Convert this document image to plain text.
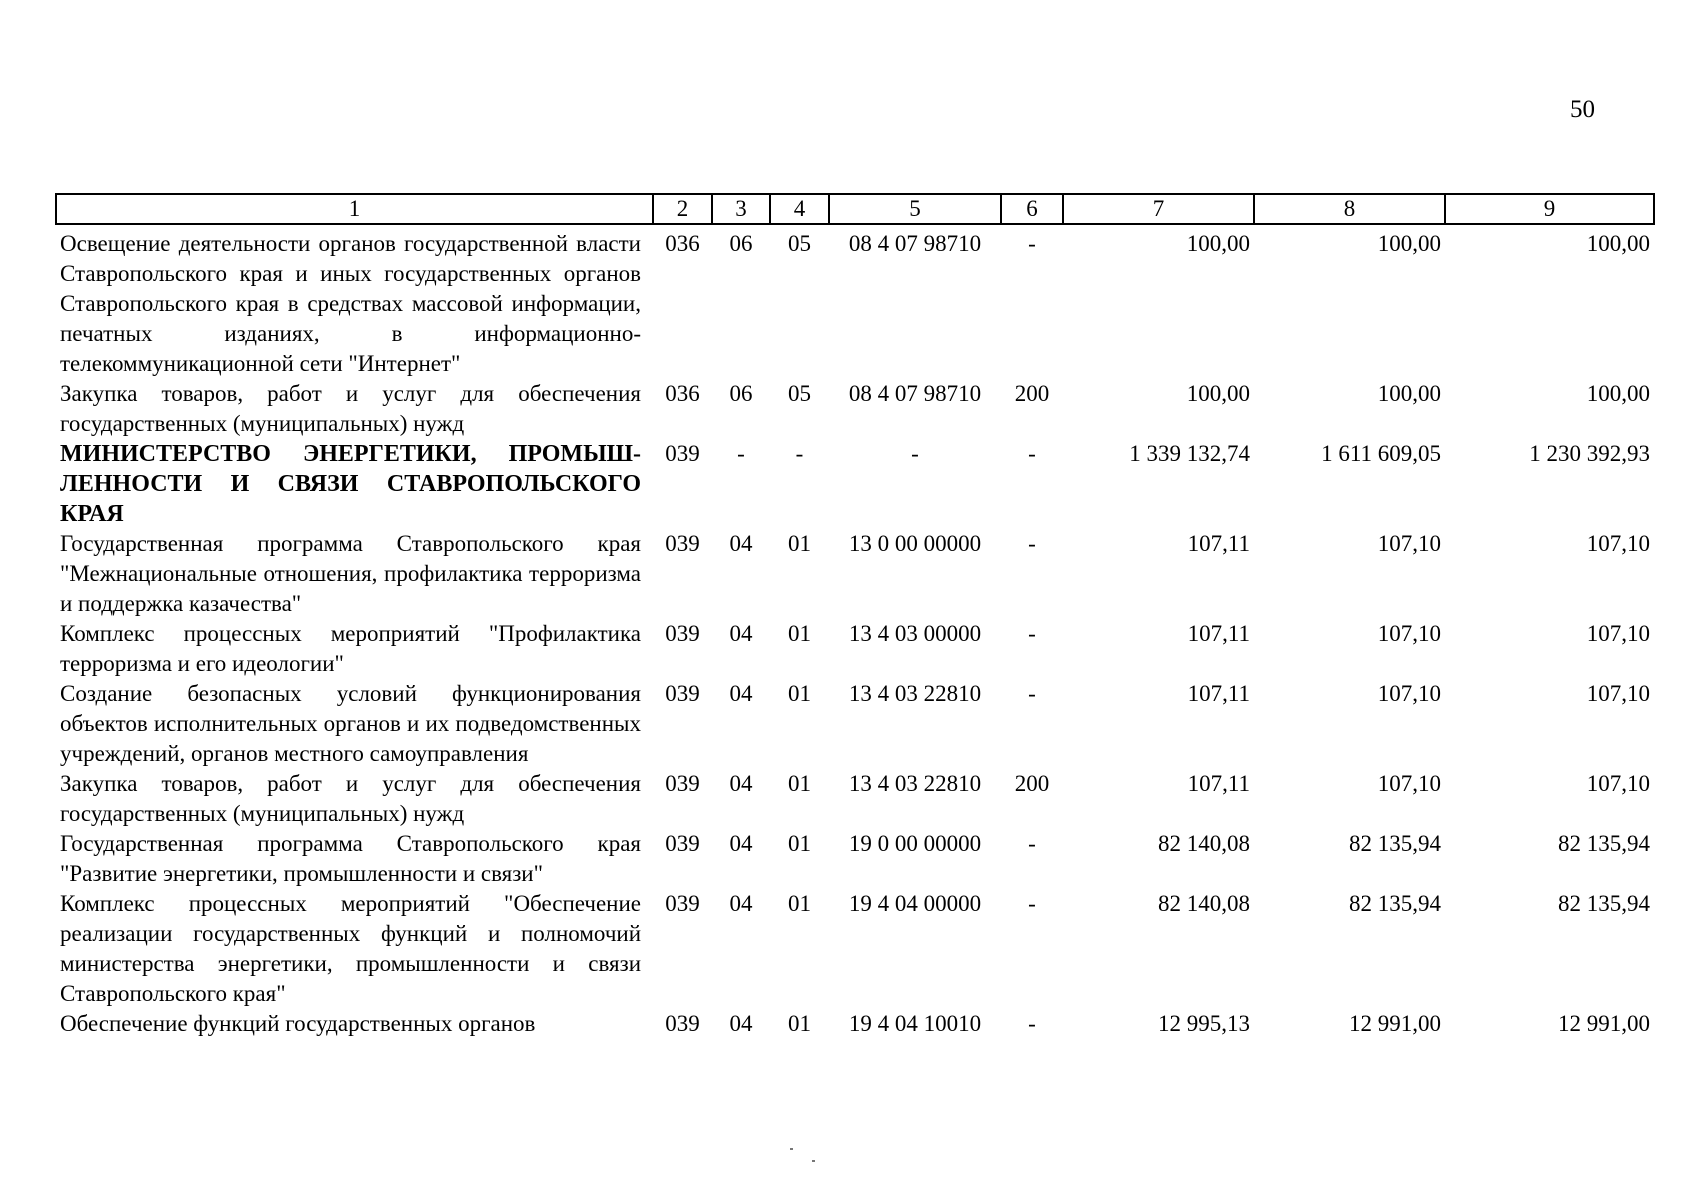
50
1	2	3	4	5	6	7	8	9
Освещение деятельности органов государственной власти Ставропольского края и иных государственных органов Ставропольского края в средствах массовой информации, печатных изданиях, в информационно-телекоммуникационной сети "Интернет"	036	06	05	08 4 07 98710	-	100,00	100,00	100,00
Закупка товаров, работ и услуг для обеспечения государственных (муниципальных) нужд	036	06	05	08 4 07 98710	200	100,00	100,00	100,00
МИНИСТЕРСТВО ЭНЕРГЕТИКИ, ПРОМЫШ-ЛЕННОСТИ И СВЯЗИ СТАВРОПОЛЬСКОГО КРАЯ	039	-	-	-	-	1 339 132,74	1 611 609,05	1 230 392,93
Государственная программа Ставропольского края "Межнациональные отношения, профилактика терроризма и поддержка казачества"	039	04	01	13 0 00 00000	-	107,11	107,10	107,10
Комплекс процессных мероприятий "Профилактика терроризма и его идеологии"	039	04	01	13 4 03 00000	-	107,11	107,10	107,10
Создание безопасных условий функционирования объектов исполнительных органов и их подведомственных учреждений, органов местного самоуправления	039	04	01	13 4 03 22810	-	107,11	107,10	107,10
Закупка товаров, работ и услуг для обеспечения государственных (муниципальных) нужд	039	04	01	13 4 03 22810	200	107,11	107,10	107,10
Государственная программа Ставропольского края "Развитие энергетики, промышленности и связи"	039	04	01	19 0 00 00000	-	82 140,08	82 135,94	82 135,94
Комплекс процессных мероприятий "Обеспечение реализации государственных функций и полномочий министерства энергетики, промышленности и связи Ставропольского края"	039	04	01	19 4 04 00000	-	82 140,08	82 135,94	82 135,94
Обеспечение функций государственных органов	039	04	01	19 4 04 10010	-	12 995,13	12 991,00	12 991,00
